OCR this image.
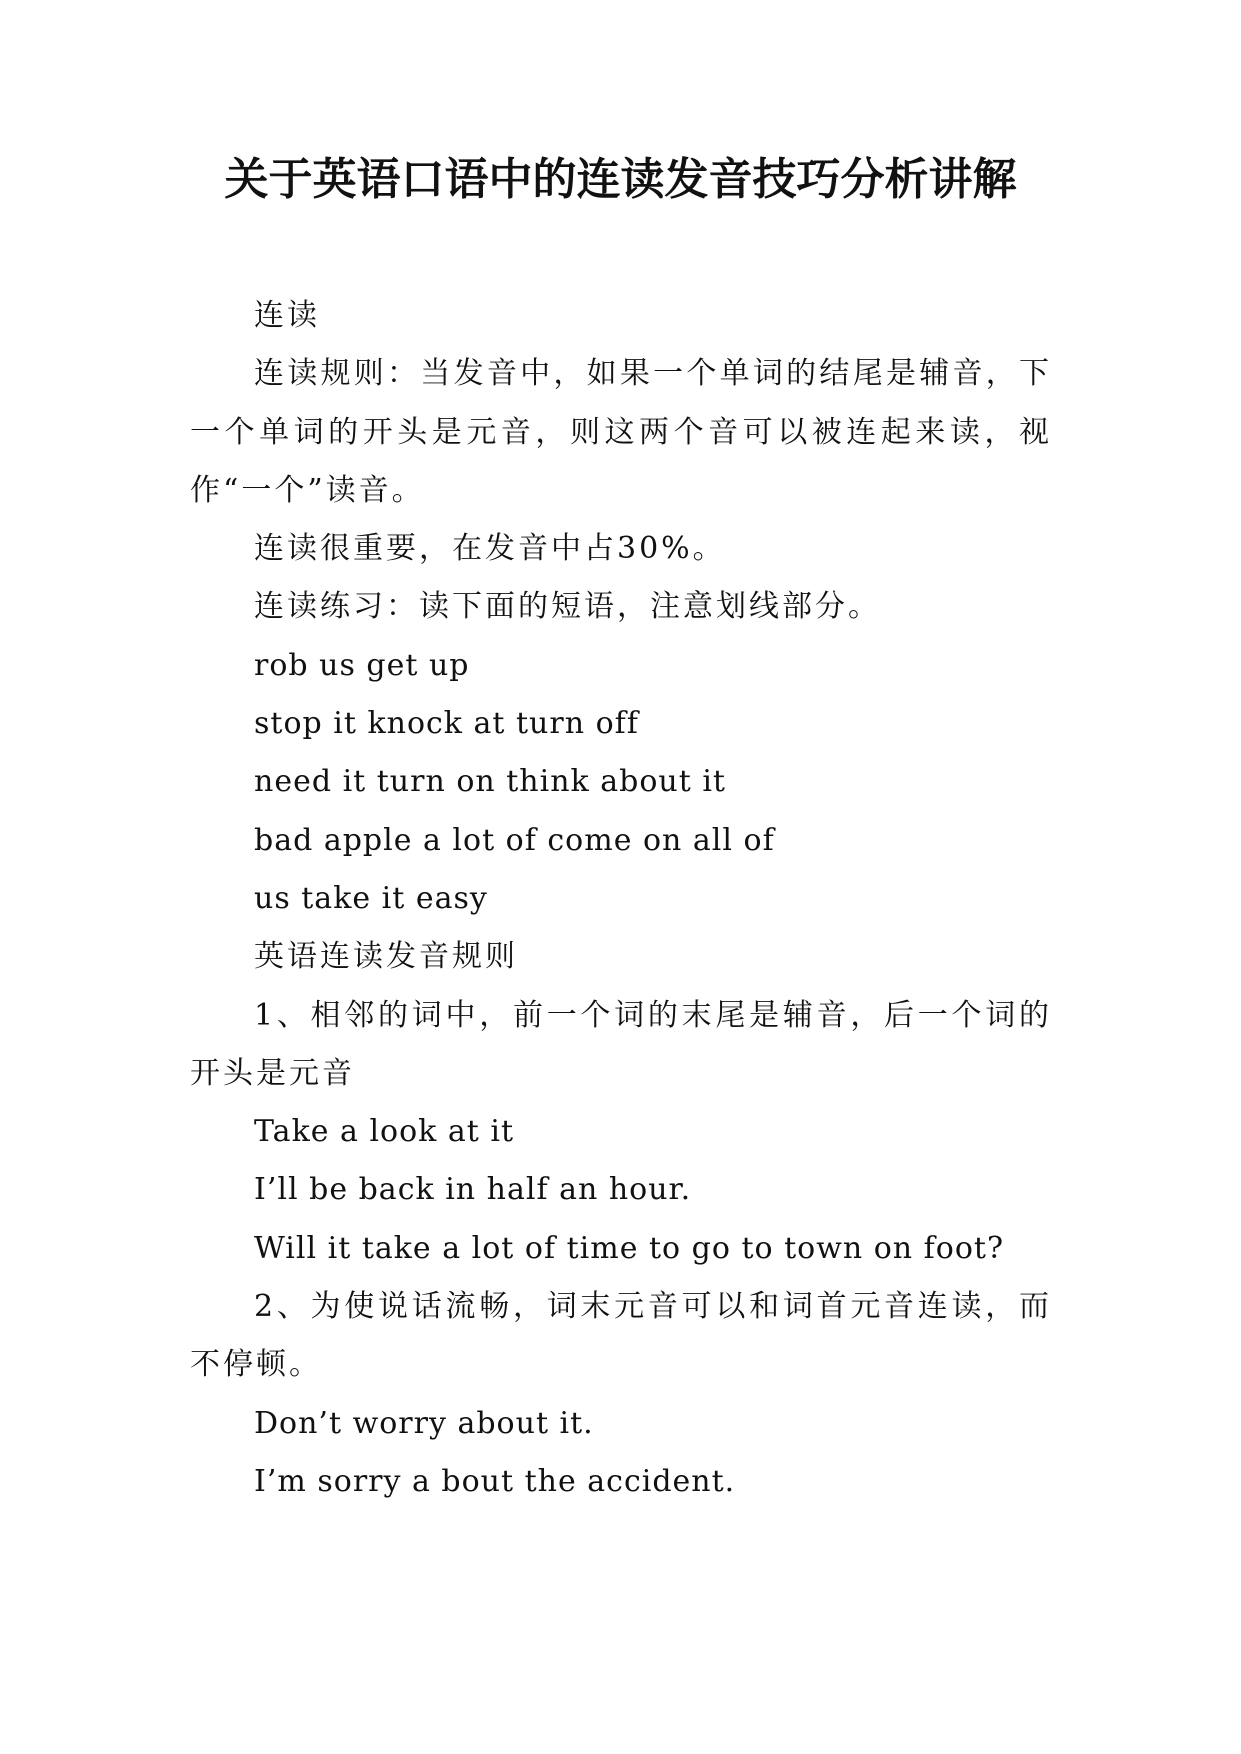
关于英语口语中的连读发音技巧分析讲解

连读

连读规则：当发音中，如果一个单词的结尾是辅音，下一个单词的开头是元音，则这两个音可以被连起来读，视作“一个”读音。

连读很重要，在发音中占30%。

连读练习：读下面的短语，注意划线部分。

rob us get up

stop it knock at turn off

need it turn on think about it

bad apple a lot of come on all of

us take it easy

英语连读发音规则

1、相邻的词中，前一个词的末尾是辅音，后一个词的开头是元音

Take a look at it

I’ll be back in half an hour.

Will it take a lot of time to go to town on foot?

2、为使说话流畅，词末元音可以和词首元音连读，而不停顿。

Don’t worry about it.

I’m sorry a bout the accident.
